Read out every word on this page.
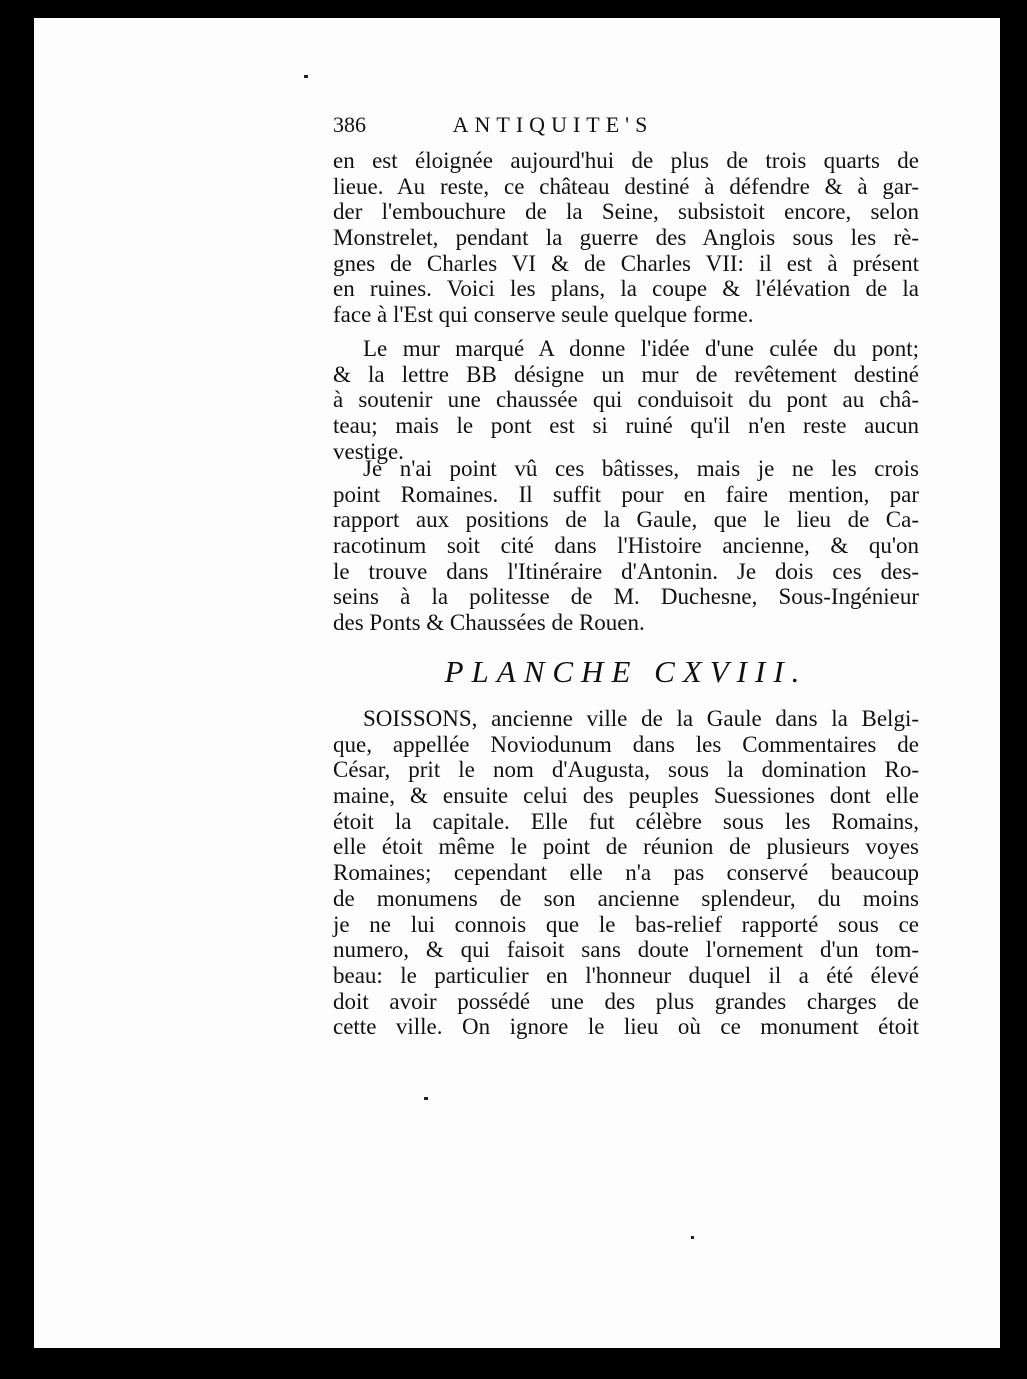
386	ANTIQUITE'S
en est éloignée aujourd'hui de plus de trois quarts de
lieue. Au reste, ce château destiné à défendre & à gar-
der l'embouchure de la Seine, subsistoit encore, selon
Monstrelet, pendant la guerre des Anglois sous les rè-
gnes de Charles VI & de Charles VII: il est à présent
en ruines. Voici les plans, la coupe & l'élévation de la
face à l'Est qui conserve seule quelque forme.
Le mur marqué A donne l'idée d'une culée du pont;
& la lettre BB désigne un mur de revêtement destiné
à soutenir une chaussée qui conduisoit du pont au châ-
teau; mais le pont est si ruiné qu'il n'en reste aucun
vestige.
Je n'ai point vû ces bâtisses, mais je ne les crois
point Romaines. Il suffit pour en faire mention, par
rapport aux positions de la Gaule, que le lieu de Ca-
racotinum soit cité dans l'Histoire ancienne, & qu'on
le trouve dans l'Itinéraire d'Antonin. Je dois ces des-
seins à la politesse de M. Duchesne, Sous-Ingénieur
des Ponts & Chaussées de Rouen.
PLANCHE CXVIII.
SOISSONS, ancienne ville de la Gaule dans la Belgi-
que, appellée Noviodunum dans les Commentaires de
César, prit le nom d'Augusta, sous la domination Ro-
maine, & ensuite celui des peuples Suessiones dont elle
étoit la capitale. Elle fut célèbre sous les Romains,
elle étoit même le point de réunion de plusieurs voyes
Romaines; cependant elle n'a pas conservé beaucoup
de monumens de son ancienne splendeur, du moins
je ne lui connois que le bas-relief rapporté sous ce
numero, & qui faisoit sans doute l'ornement d'un tom-
beau: le particulier en l'honneur duquel il a été élevé
doit avoir possédé une des plus grandes charges de
cette ville. On ignore le lieu où ce monument étoit
